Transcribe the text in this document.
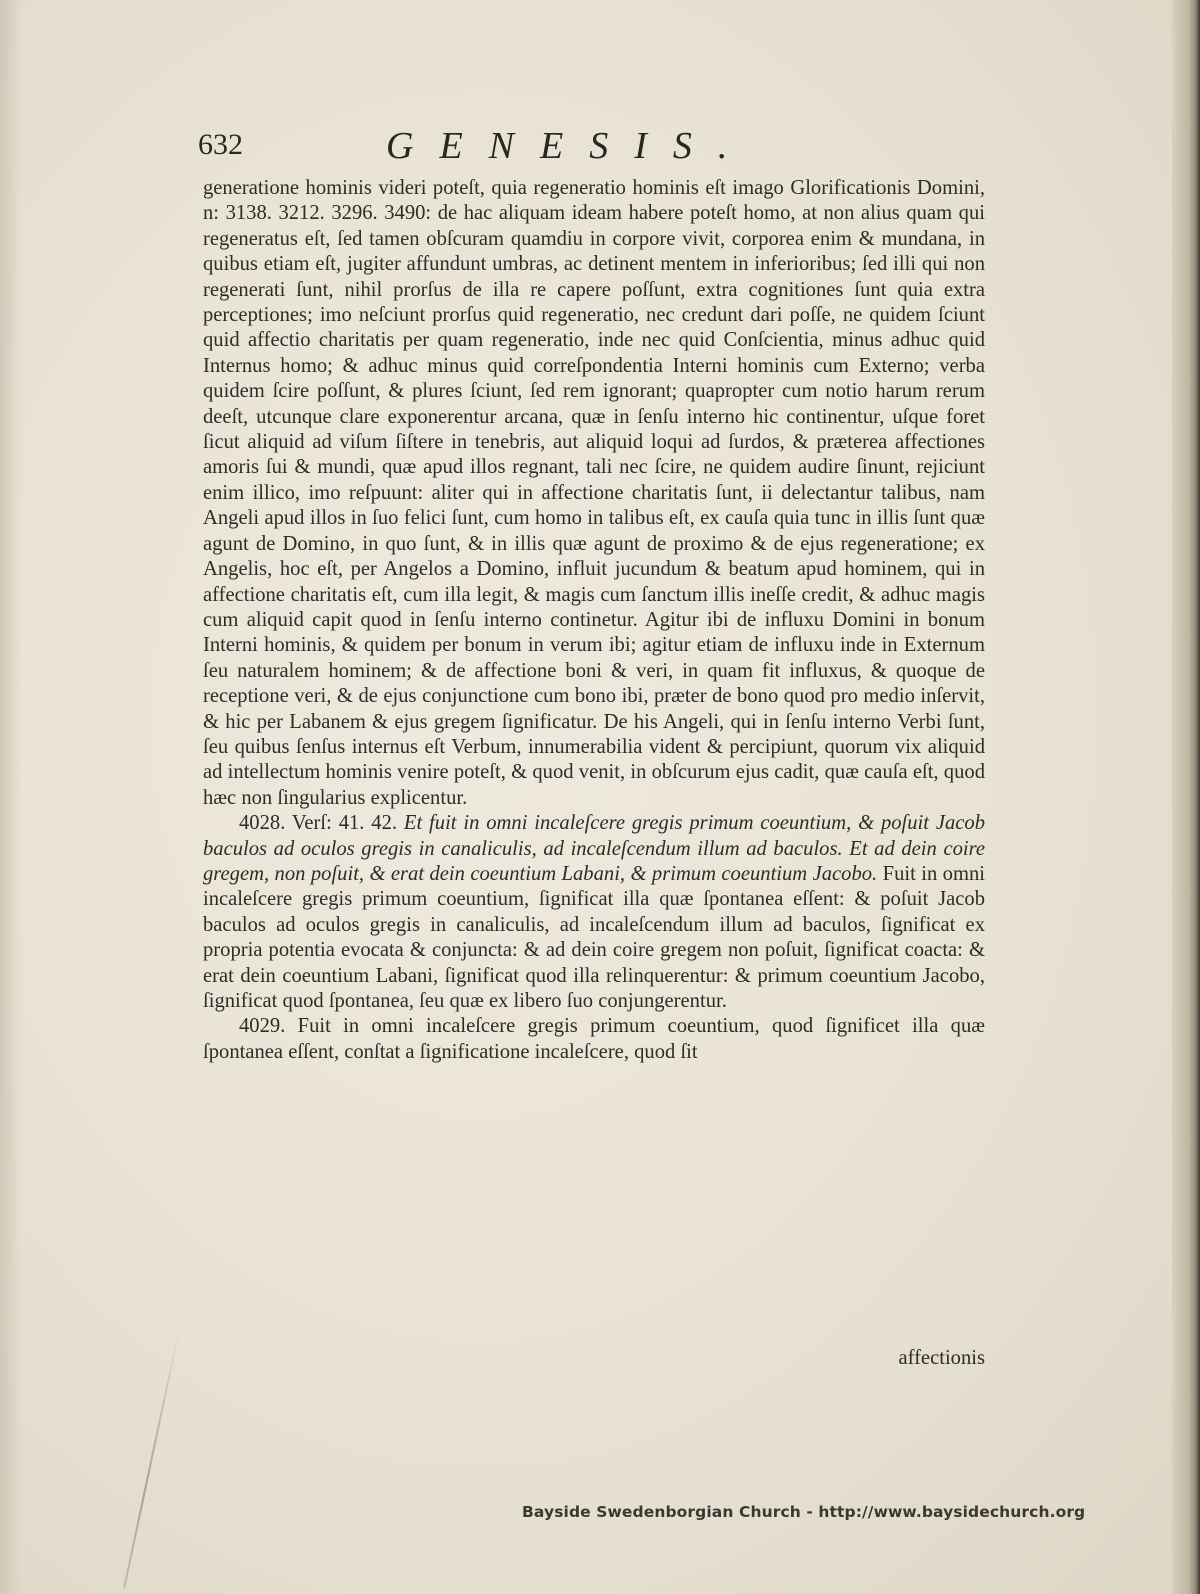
632	GENESIS.

generatione hominis videri poteſt, quia regeneratio hominis eſt imago Glorificationis Domini, n: 3138. 3212. 3296. 3490: de hac aliquam ideam habere poteſt homo, at non alius quam qui regeneratus eſt, ſed tamen obſcuram quamdiu in corpore vivit, corporea enim & mundana, in quibus etiam eſt, jugiter affundunt umbras, ac detinent mentem in inferioribus; ſed illi qui non regenerati ſunt, nihil prorſus de illa re capere poſſunt, extra cognitiones ſunt quia extra perceptiones; imo neſciunt prorſus quid regeneratio, nec credunt dari poſſe, ne quidem ſciunt quid affectio charitatis per quam regeneratio, inde nec quid Conſcientia, minus adhuc quid Internus homo; & adhuc minus quid correſpondentia Interni hominis cum Externo; verba quidem ſcire poſſunt, & plures ſciunt, ſed rem ignorant; quapropter cum notio harum rerum deeſt, utcunque clare exponerentur arcana, quæ in ſenſu interno hic continentur, uſque foret ſicut aliquid ad viſum ſiſtere in tenebris, aut aliquid loqui ad ſurdos, & præterea affectiones amoris ſui & mundi, quæ apud illos regnant, tali nec ſcire, ne quidem audire ſinunt, rejiciunt enim illico, imo reſpuunt: aliter qui in affectione charitatis ſunt, ii delectantur talibus, nam Angeli apud illos in ſuo felici ſunt, cum homo in talibus eſt, ex cauſa quia tunc in illis ſunt quæ agunt de Domino, in quo ſunt, & in illis quæ agunt de proximo & de ejus regeneratione; ex Angelis, hoc eſt, per Angelos a Domino, influit jucundum & beatum apud hominem, qui in affectione charitatis eſt, cum illa legit, & magis cum ſanctum illis ineſſe credit, & adhuc magis cum aliquid capit quod in ſenſu interno continetur. Agitur ibi de influxu Domini in bonum Interni hominis, & quidem per bonum in verum ibi; agitur etiam de influxu inde in Externum ſeu naturalem hominem; & de affectione boni & veri, in quam fit influxus, & quoque de receptione veri, & de ejus conjunctione cum bono ibi, præter de bono quod pro medio inſervit, & hic per Labanem & ejus gregem ſignificatur. De his Angeli, qui in ſenſu interno Verbi ſunt, ſeu quibus ſenſus internus eſt Verbum, innumerabilia vident & percipiunt, quorum vix aliquid ad intellectum hominis venire poteſt, & quod venit, in obſcurum ejus cadit, quæ cauſa eſt, quod hæc non ſingularius explicentur.

4028. Verſ: 41. 42. Et fuit in omni incaleſcere gregis primum coeuntium, & poſuit Jacob baculos ad oculos gregis in canaliculis, ad incaleſcendum illum ad baculos. Et ad dein coire gregem, non poſuit, & erat dein coeuntium Labani, & primum coeuntium Jacobo. Fuit in omni incaleſcere gregis primum coeuntium, ſignificat illa quæ ſpontanea eſſent: & poſuit Jacob baculos ad oculos gregis in canaliculis, ad incaleſcendum illum ad baculos, ſignificat ex propria potentia evocata & conjuncta: & ad dein coire gregem non poſuit, ſignificat coacta: & erat dein coeuntium Labani, ſignificat quod illa relinquerentur: & primum coeuntium Jacobo, ſignificat quod ſpontanea, ſeu quæ ex libero ſuo conjungerentur.

4029. Fuit in omni incaleſcere gregis primum coeuntium, quod ſignificet illa quæ ſpontanea eſſent, conſtat a ſignificatione incaleſcere, quod ſit

affectionis
Bayside Swedenborgian Church - http://www.baysidechurch.org
